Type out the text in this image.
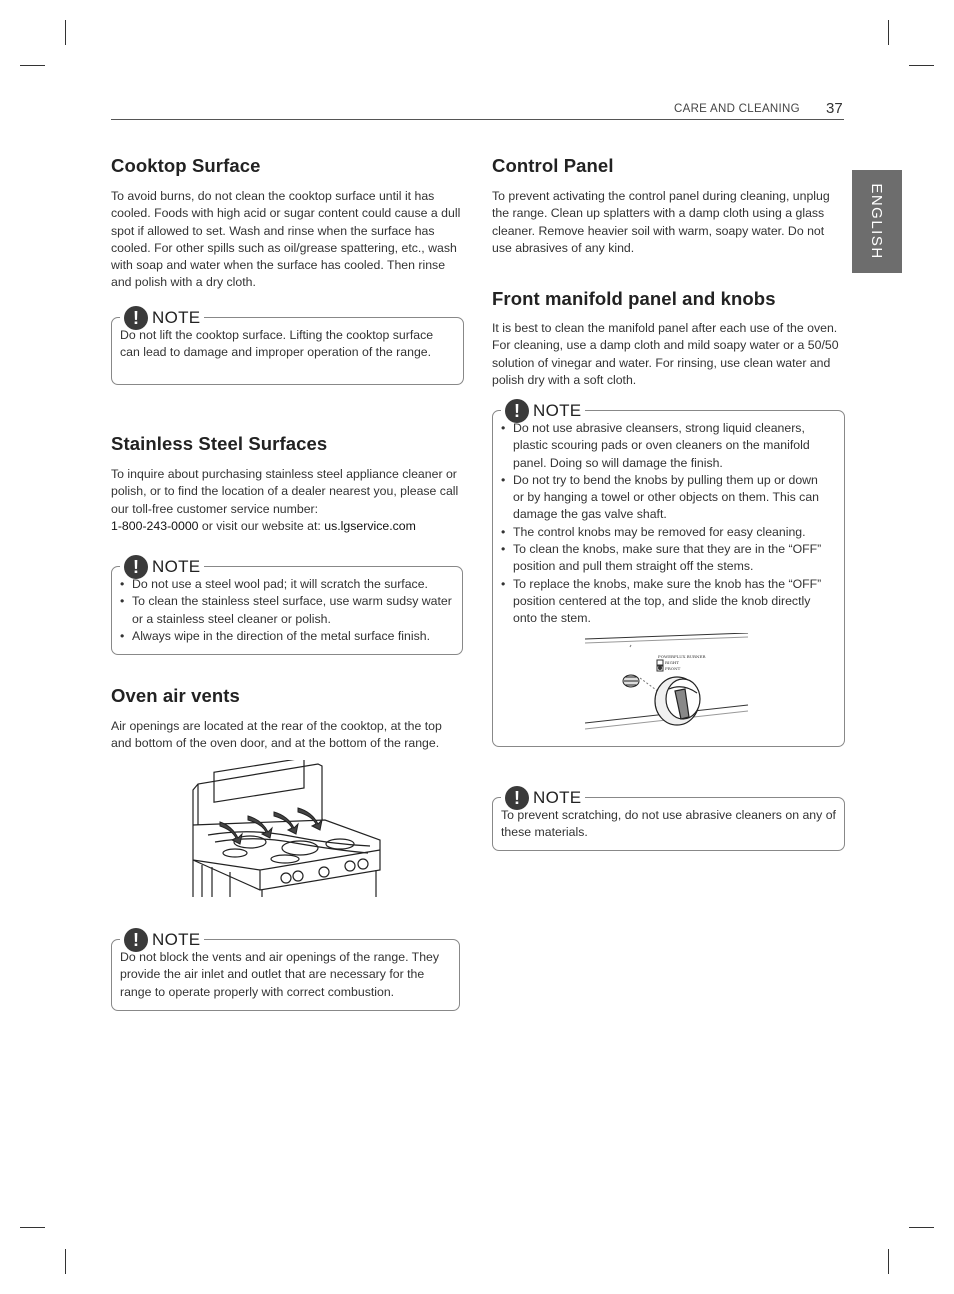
CARE AND CLEANING 37
ENGLISH
Cooktop Surface

To avoid burns, do not clean the cooktop surface until it has cooled. Foods with high acid or sugar content could cause a dull spot if allowed to set. Wash and rinse when the surface has cooled. For other spills such as oil/grease spattering, etc., wash with soap and water when the surface has cooled. Then rinse and polish with a dry cloth.

! NOTE

Do not lift the cooktop surface. Lifting the cooktop surface can lead to damage and improper operation of the range.

Stainless Steel Surfaces

To inquire about purchasing stainless steel appliance cleaner or polish, or to find the location of a dealer nearest you, please call our toll-free customer service number:
1-800-243-0000 or visit our website at: us.lgservice.com

! NOTE
• Do not use a steel wool pad; it will scratch the surface.
• To clean the stainless steel surface, use warm sudsy water or a stainless steel cleaner or polish.
• Always wipe in the direction of the metal surface finish.
Oven air vents

Air openings are located at the rear of the cooktop, at the top and bottom of the oven door, and at the bottom of the range.

! NOTE

Do not block the vents and air openings of the range. They provide the air inlet and outlet that are necessary for the range to operate properly with correct combustion.

Control Panel

To prevent activating the control panel during cleaning, unplug the range. Clean up splatters with a damp cloth using a glass cleaner. Remove heavier soil with warm, soapy water. Do not use abrasives of any kind.

Front manifold panel and knobs

It is best to clean the manifold panel after each use of the oven. For cleaning, use a damp cloth and mild soapy water or a 50/50 solution of vinegar and water. For rinsing, use clean water and polish dry with a soft cloth.

! NOTE
• Do not use abrasive cleansers, strong liquid cleaners, plastic scouring pads or oven cleaners on the manifold panel. Doing so will damage the finish.
• Do not try to bend the knobs by pulling them up or down or by hanging a towel or other objects on them. This can damage the gas valve shaft.
• The control knobs may be removed for easy cleaning.
• To clean the knobs, make sure that they are in the “OFF” position and pull them straight off the stems.
• To replace the knobs, make sure the knob has the “OFF” position centered at the top, and slide the knob directly onto the stem.
POWERFLUX BURNER
RIGHT
FRONT
! NOTE

To prevent scratching, do not use abrasive cleaners on any of these materials.
